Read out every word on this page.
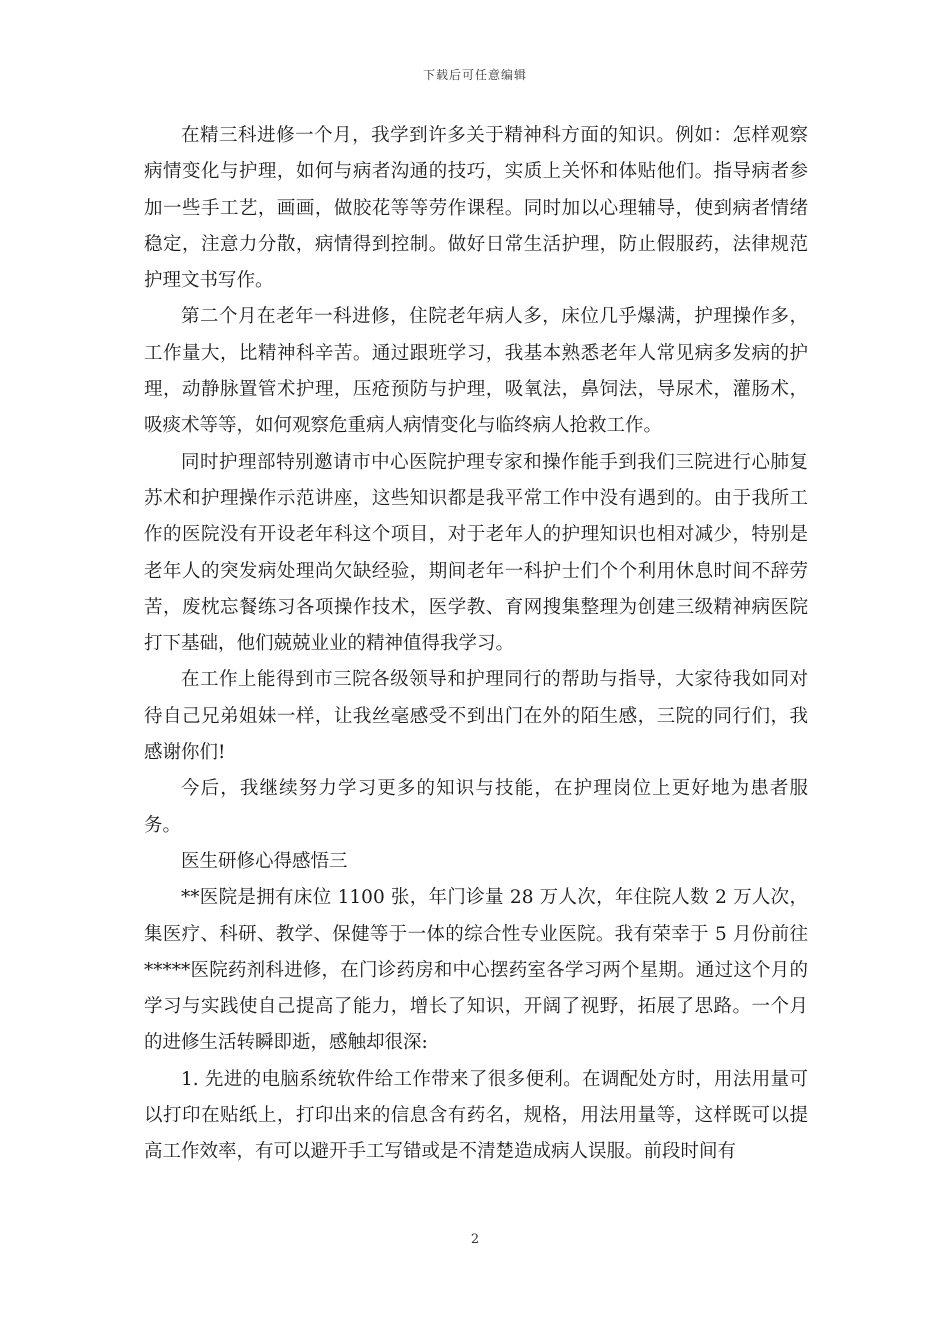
下载后可任意编辑

在精三科进修一个月，我学到许多关于精神科方面的知识。例如：怎样观察病情变化与护理，如何与病者沟通的技巧，实质上关怀和体贴他们。指导病者参加一些手工艺，画画，做胶花等等劳作课程。同时加以心理辅导，使到病者情绪稳定，注意力分散，病情得到控制。做好日常生活护理，防止假服药，法律规范护理文书写作。

第二个月在老年一科进修，住院老年病人多，床位几乎爆满，护理操作多，工作量大，比精神科辛苦。通过跟班学习，我基本熟悉老年人常见病多发病的护理，动静脉置管术护理，压疮预防与护理，吸氧法，鼻饲法，导尿术，灌肠术，吸痰术等等，如何观察危重病人病情变化与临终病人抢救工作。

同时护理部特别邀请市中心医院护理专家和操作能手到我们三院进行心肺复苏术和护理操作示范讲座，这些知识都是我平常工作中没有遇到的。由于我所工作的医院没有开设老年科这个项目，对于老年人的护理知识也相对减少，特别是老年人的突发病处理尚欠缺经验，期间老年一科护士们个个利用休息时间不辞劳苦，废枕忘餐练习各项操作技术，医学教、育网搜集整理为创建三级精神病医院打下基础，他们兢兢业业的精神值得我学习。

在工作上能得到市三院各级领导和护理同行的帮助与指导，大家待我如同对待自己兄弟姐妹一样，让我丝毫感受不到出门在外的陌生感，三院的同行们，我感谢你们!

今后，我继续努力学习更多的知识与技能，在护理岗位上更好地为患者服务。

医生研修心得感悟三

**医院是拥有床位 1100 张，年门诊量 28 万人次，年住院人数 2 万人次，集医疗、科研、教学、保健等于一体的综合性专业医院。我有荣幸于 5 月份前往*****医院药剂科进修，在门诊药房和中心摆药室各学习两个星期。通过这个月的学习与实践使自己提高了能力，增长了知识，开阔了视野，拓展了思路。一个月的进修生活转瞬即逝，感触却很深:

1. 先进的电脑系统软件给工作带来了很多便利。在调配处方时，用法用量可以打印在贴纸上，打印出来的信息含有药名，规格，用法用量等，这样既可以提高工作效率，有可以避开手工写错或是不清楚造成病人误服。前段时间有

2
